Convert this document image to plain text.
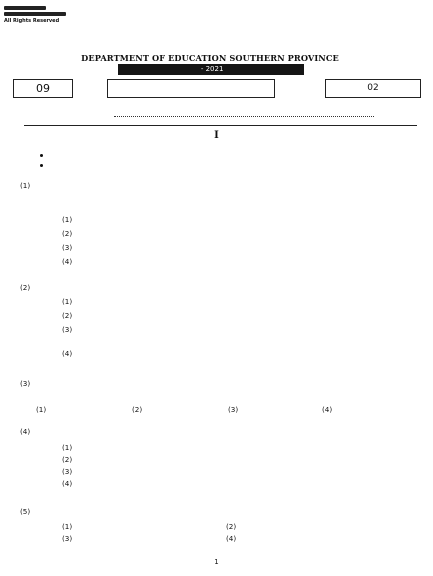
All Rights Reserved
DEPARTMENT OF EDUCATION SOUTHERN PROVINCE
- 2021
09	02
I
(1)
(1)
(2)
(3)
(4)
(2)
(1)
(2)
(3)
(4)
(3)
(1)	(2)	(3)	(4)
(4)
(1)
(2)
(3)
(4)
(5)
(1)	(2)
(3)	(4)
1
